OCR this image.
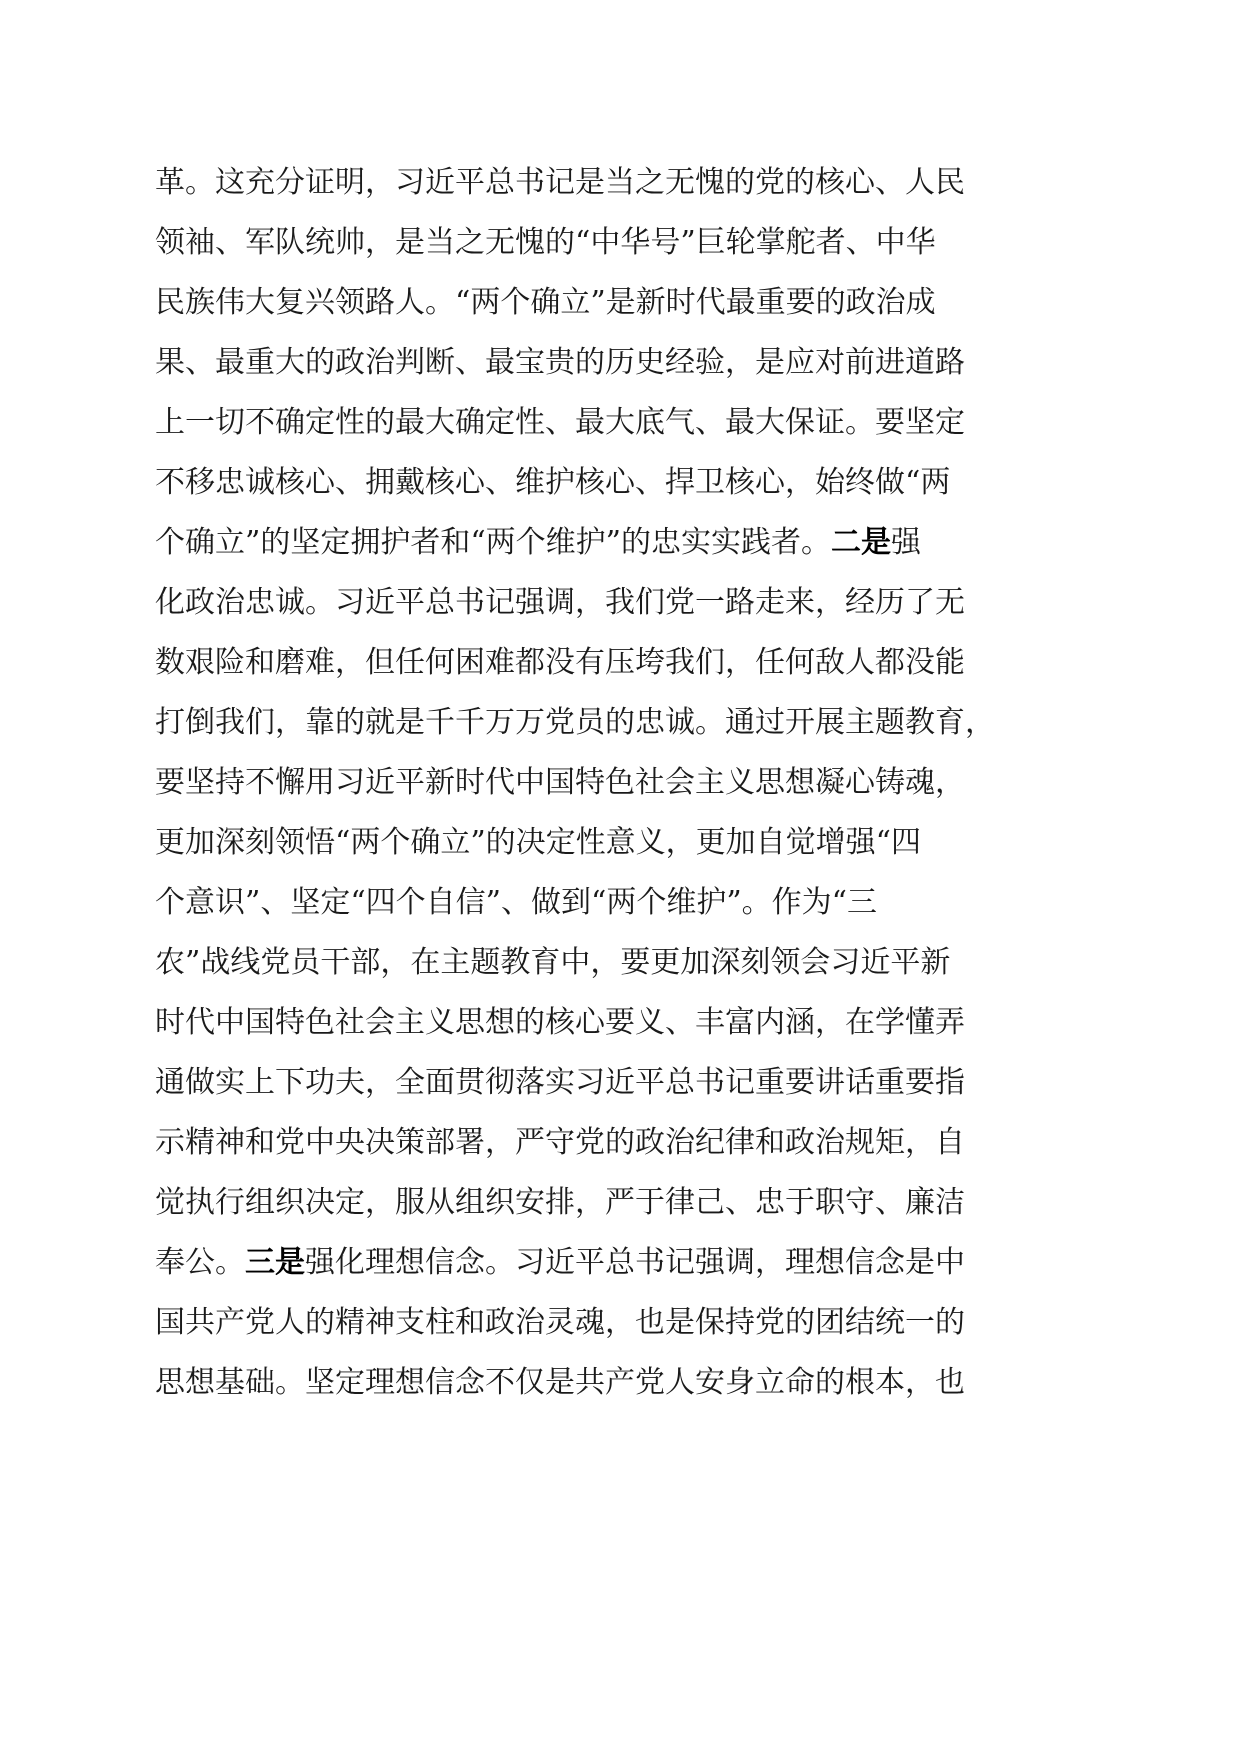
革。这充分证明，习近平总书记是当之无愧的党的核心、人民
领袖、军队统帅，是当之无愧的“中华号”巨轮掌舵者、中华
民族伟大复兴领路人。“两个确立”是新时代最重要的政治成
果、最重大的政治判断、最宝贵的历史经验，是应对前进道路
上一切不确定性的最大确定性、最大底气、最大保证。要坚定
不移忠诚核心、拥戴核心、维护核心、捍卫核心，始终做“两
个确立”的坚定拥护者和“两个维护”的忠实实践者。二是强
化政治忠诚。习近平总书记强调，我们党一路走来，经历了无
数艰险和磨难，但任何困难都没有压垮我们，任何敌人都没能
打倒我们，靠的就是千千万万党员的忠诚。通过开展主题教育，
要坚持不懈用习近平新时代中国特色社会主义思想凝心铸魂，
更加深刻领悟“两个确立”的决定性意义，更加自觉增强“四
个意识”、坚定“四个自信”、做到“两个维护”。作为“三
农”战线党员干部，在主题教育中，要更加深刻领会习近平新
时代中国特色社会主义思想的核心要义、丰富内涵，在学懂弄
通做实上下功夫，全面贯彻落实习近平总书记重要讲话重要指
示精神和党中央决策部署，严守党的政治纪律和政治规矩，自
觉执行组织决定，服从组织安排，严于律己、忠于职守、廉洁
奉公。三是强化理想信念。习近平总书记强调，理想信念是中
国共产党人的精神支柱和政治灵魂，也是保持党的团结统一的
思想基础。坚定理想信念不仅是共产党人安身立命的根本，也
